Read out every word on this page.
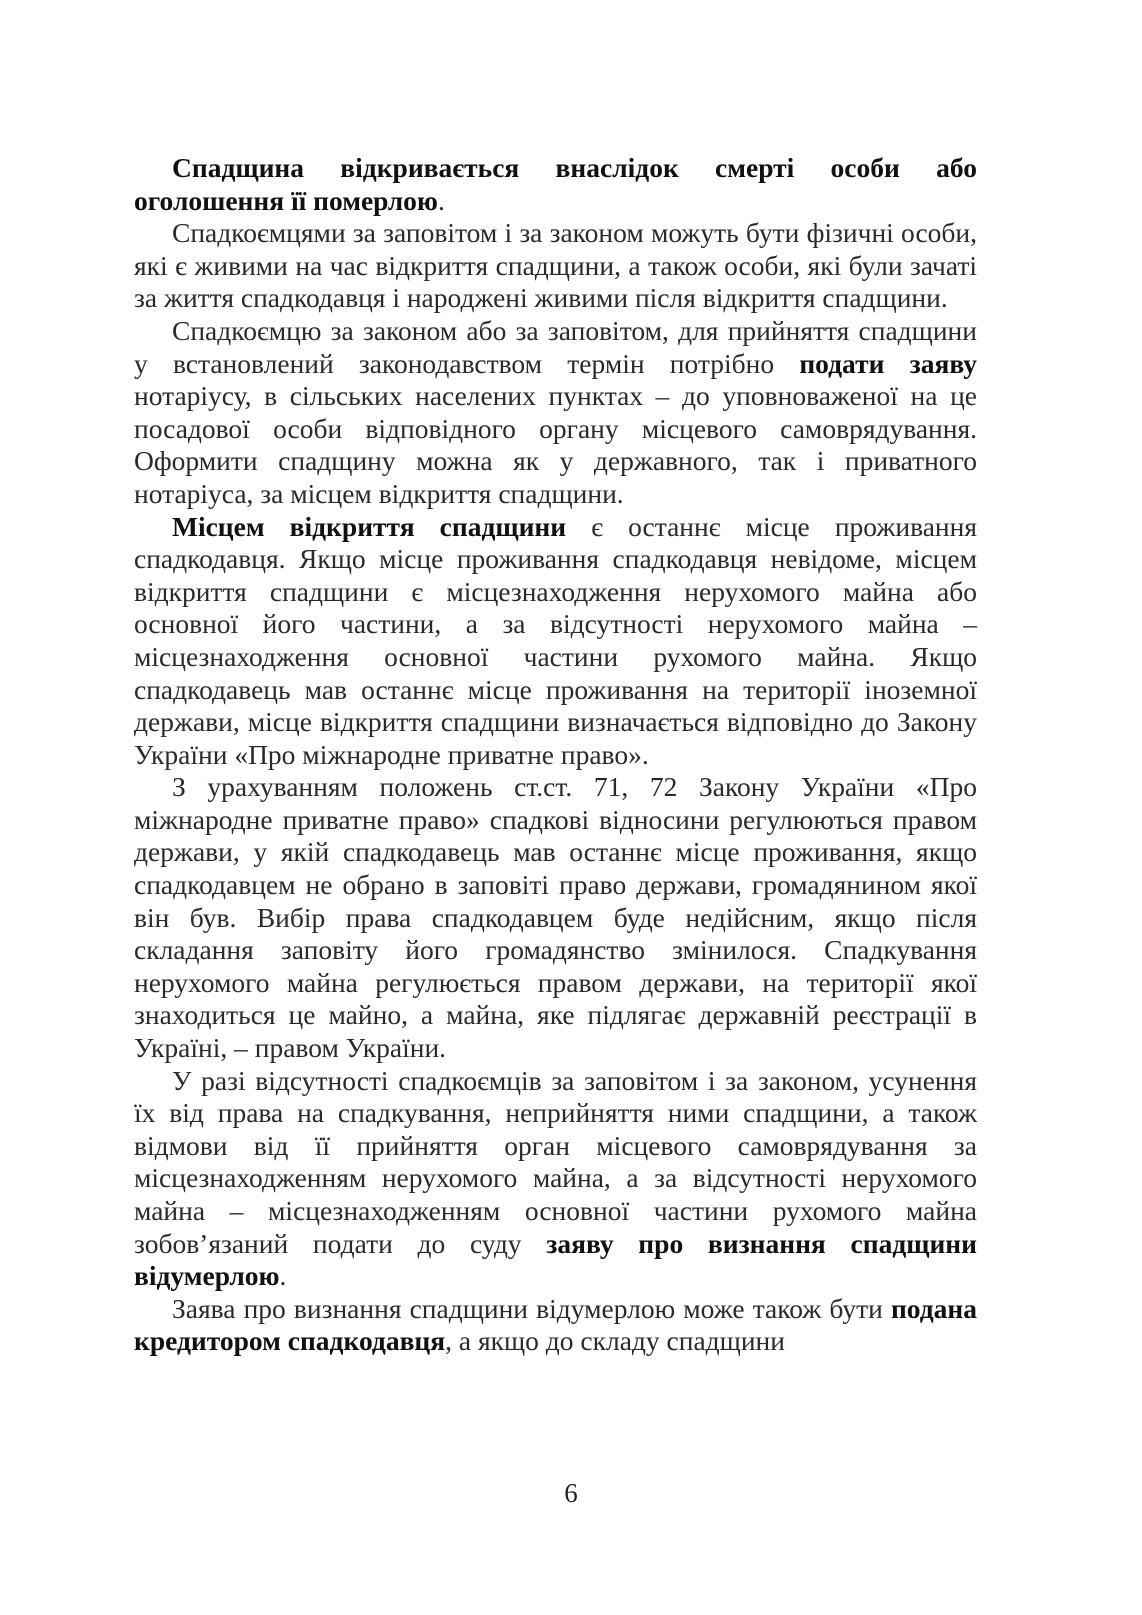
Спадщина відкривається внаслідок смерті особи або оголошення її померлою.

Спадкоємцями за заповітом і за законом можуть бути фізичні особи, які є живими на час відкриття спадщини, а також особи, які були зачаті за життя спадкодавця і народжені живими після відкриття спадщини.

Спадкоємцю за законом або за заповітом, для прийняття спадщини у встановлений законодавством термін потрібно подати заяву нотаріусу, в сільських населених пунктах – до уповноваженої на це посадової особи відповідного органу місцевого самоврядування. Оформити спадщину можна як у державного, так і приватного нотаріуса, за місцем відкриття спадщини.

Місцем відкриття спадщини є останнє місце проживання спадкодавця. Якщо місце проживання спадкодавця невідоме, місцем відкриття спадщини є місцезнаходження нерухомого майна або основної його частини, а за відсутності нерухомого майна – місцезнаходження основної частини рухомого майна. Якщо спадкодавець мав останнє місце проживання на території іноземної держави, місце відкриття спадщини визначається відповідно до Закону України «Про міжнародне приватне право».

З урахуванням положень ст.ст. 71, 72 Закону України «Про міжнародне приватне право» спадкові відносини регулюються правом держави, у якій спадкодавець мав останнє місце проживання, якщо спадкодавцем не обрано в заповіті право держави, громадянином якої він був. Вибір права спадкодавцем буде недійсним, якщо після складання заповіту його громадянство змінилося. Спадкування нерухомого майна регулюється правом держави, на території якої знаходиться це майно, а майна, яке підлягає державній реєстрації в Україні, – правом України.

У разі відсутності спадкоємців за заповітом і за законом, усунення їх від права на спадкування, неприйняття ними спадщини, а також відмови від її прийняття орган місцевого самоврядування за місцезнаходженням нерухомого майна, а за відсутності нерухомого майна – місцезнаходженням основної частини рухомого майна зобов’язаний подати до суду заяву про визнання спадщини відумерлою.

Заява про визнання спадщини відумерлою може також бути подана кредитором спадкодавця, а якщо до складу спадщини

6
